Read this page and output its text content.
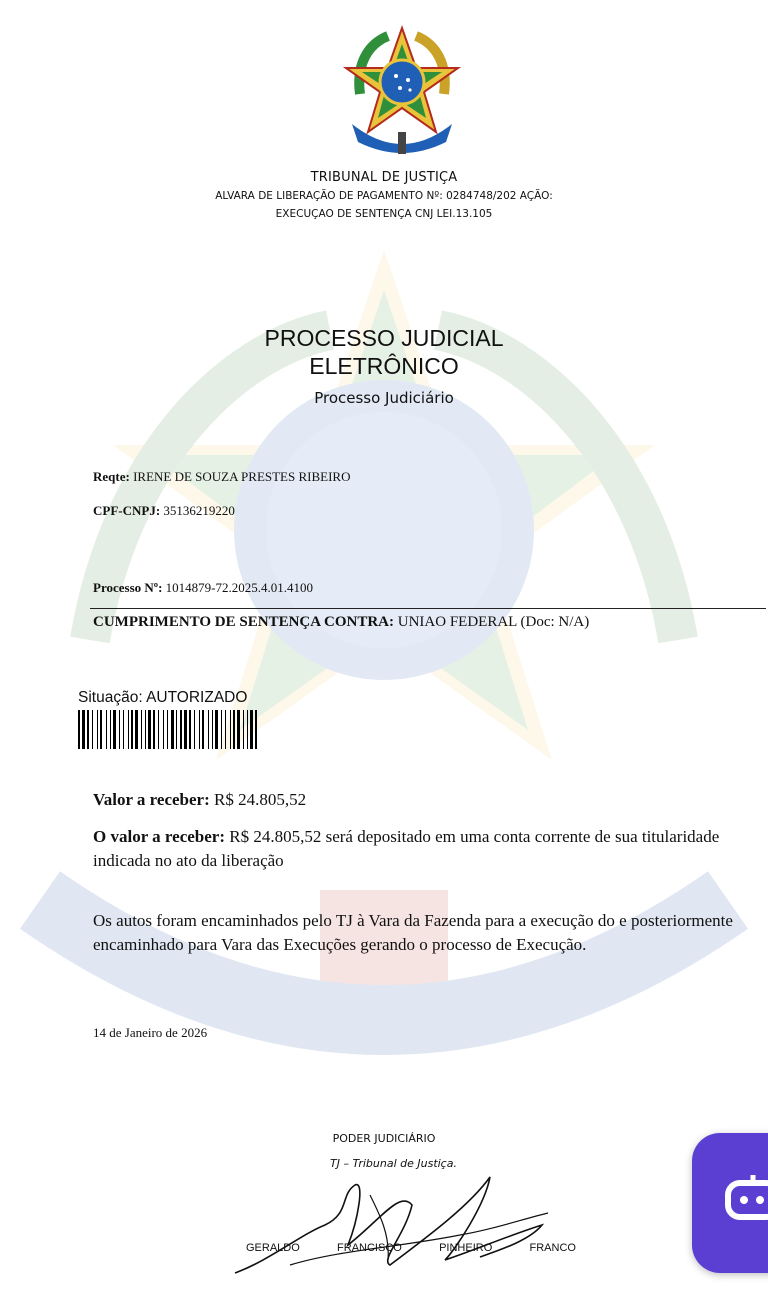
TRIBUNAL DE JUSTIÇA
ALVARA DE LIBERAÇÃO DE PAGAMENTO Nº: 0284748/202 AÇÃO:
EXECUÇAO DE SENTENÇA CNJ LEI.13.105
PROCESSO JUDICIAL
ELETRÔNICO
Processo Judiciário
Reqte: IRENE DE SOUZA PRESTES RIBEIRO
CPF-CNPJ: 35136219220
Processo Nº: 1014879-72.2025.4.01.4100
CUMPRIMENTO DE SENTENÇA CONTRA: UNIAO FEDERAL (Doc: N/A)
Situação: AUTORIZADO
Valor a receber: R$ 24.805,52
O valor a receber: R$ 24.805,52 será depositado em uma conta corrente de sua titularidade indicada no ato da liberação
Os autos foram encaminhados pelo TJ à Vara da Fazenda para a execução do e posteriormente encaminhado para Vara das Execuções gerando o processo de Execução.
14 de Janeiro de 2026
PODER JUDICIÁRIO
TJ – Tribunal de Justiça.
GERALDO	FRANCISCO	PINHEIRO	FRANCO
